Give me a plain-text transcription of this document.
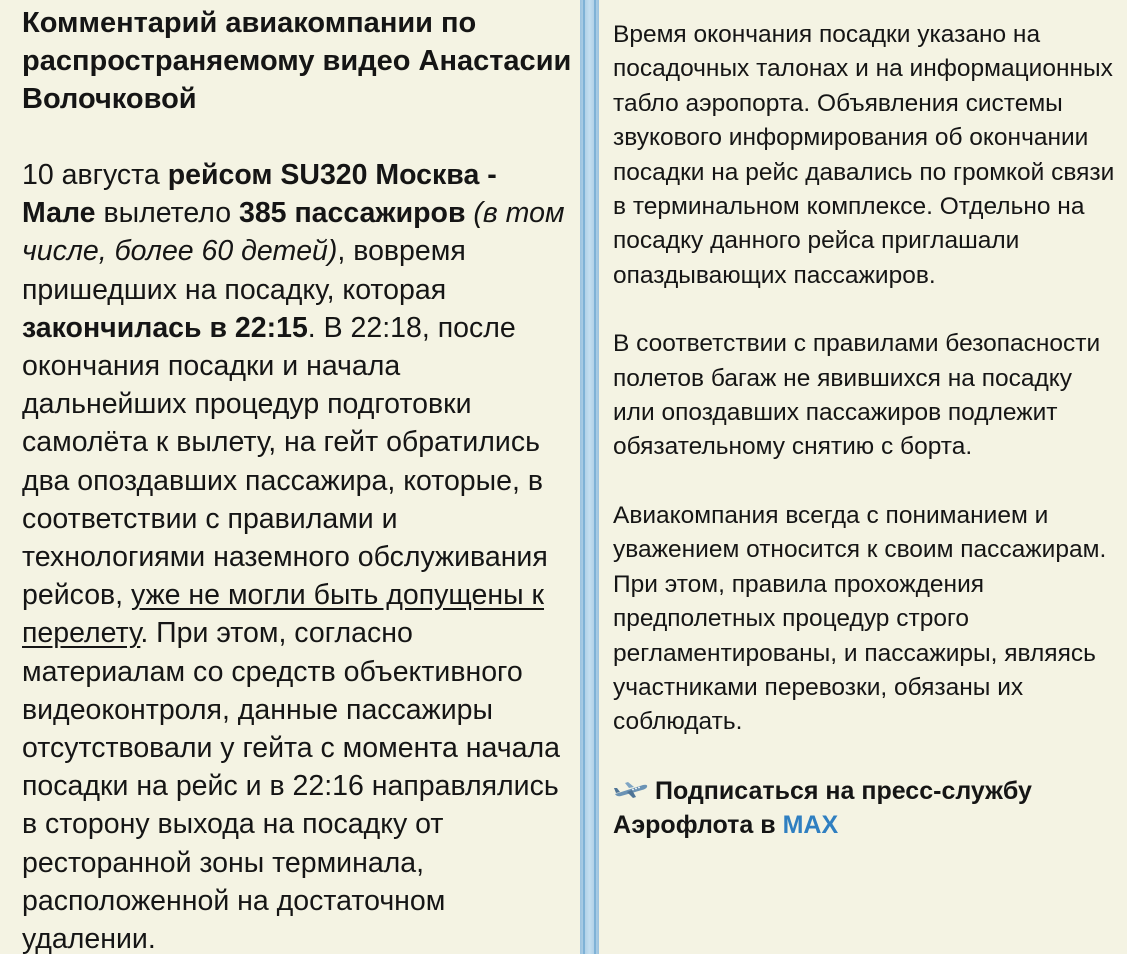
Комментарий авиакомпании по распространяемому видео Анастасии Волочковой

10 августа рейсом SU320 Москва - Мале вылетело 385 пассажиров (в том числе, более 60 детей), вовремя пришедших на посадку, которая закончилась в 22:15. В 22:18, после окончания посадки и начала дальнейших процедур подготовки самолёта к вылету, на гейт обратились два опоздавших пассажира, которые, в соответствии с правилами и технологиями наземного обслуживания рейсов, уже не могли быть допущены к перелету. При этом, согласно материалам со средств объективного видеоконтроля, данные пассажиры отсутствовали у гейта с момента начала посадки на рейс и в 22:16 направлялись в сторону выхода на посадку от ресторанной зоны терминала, расположенной на достаточном удалении.

Время окончания посадки указано на посадочных талонах и на информационных табло аэропорта. Объявления системы звукового информирования об окончании посадки на рейс давались по громкой связи в терминальном комплексе. Отдельно на посадку данного рейса приглашали опаздывающих пассажиров.

В соответствии с правилами безопасности полетов багаж не явившихся на посадку или опоздавших пассажиров подлежит обязательному снятию с борта.

Авиакомпания всегда с пониманием и уважением относится к своим пассажирам. При этом, правила прохождения предполетных процедур строго регламентированы, и пассажиры, являясь участниками перевозки, обязаны их соблюдать.

Подписаться на пресс-службу Аэрофлота в MAX
